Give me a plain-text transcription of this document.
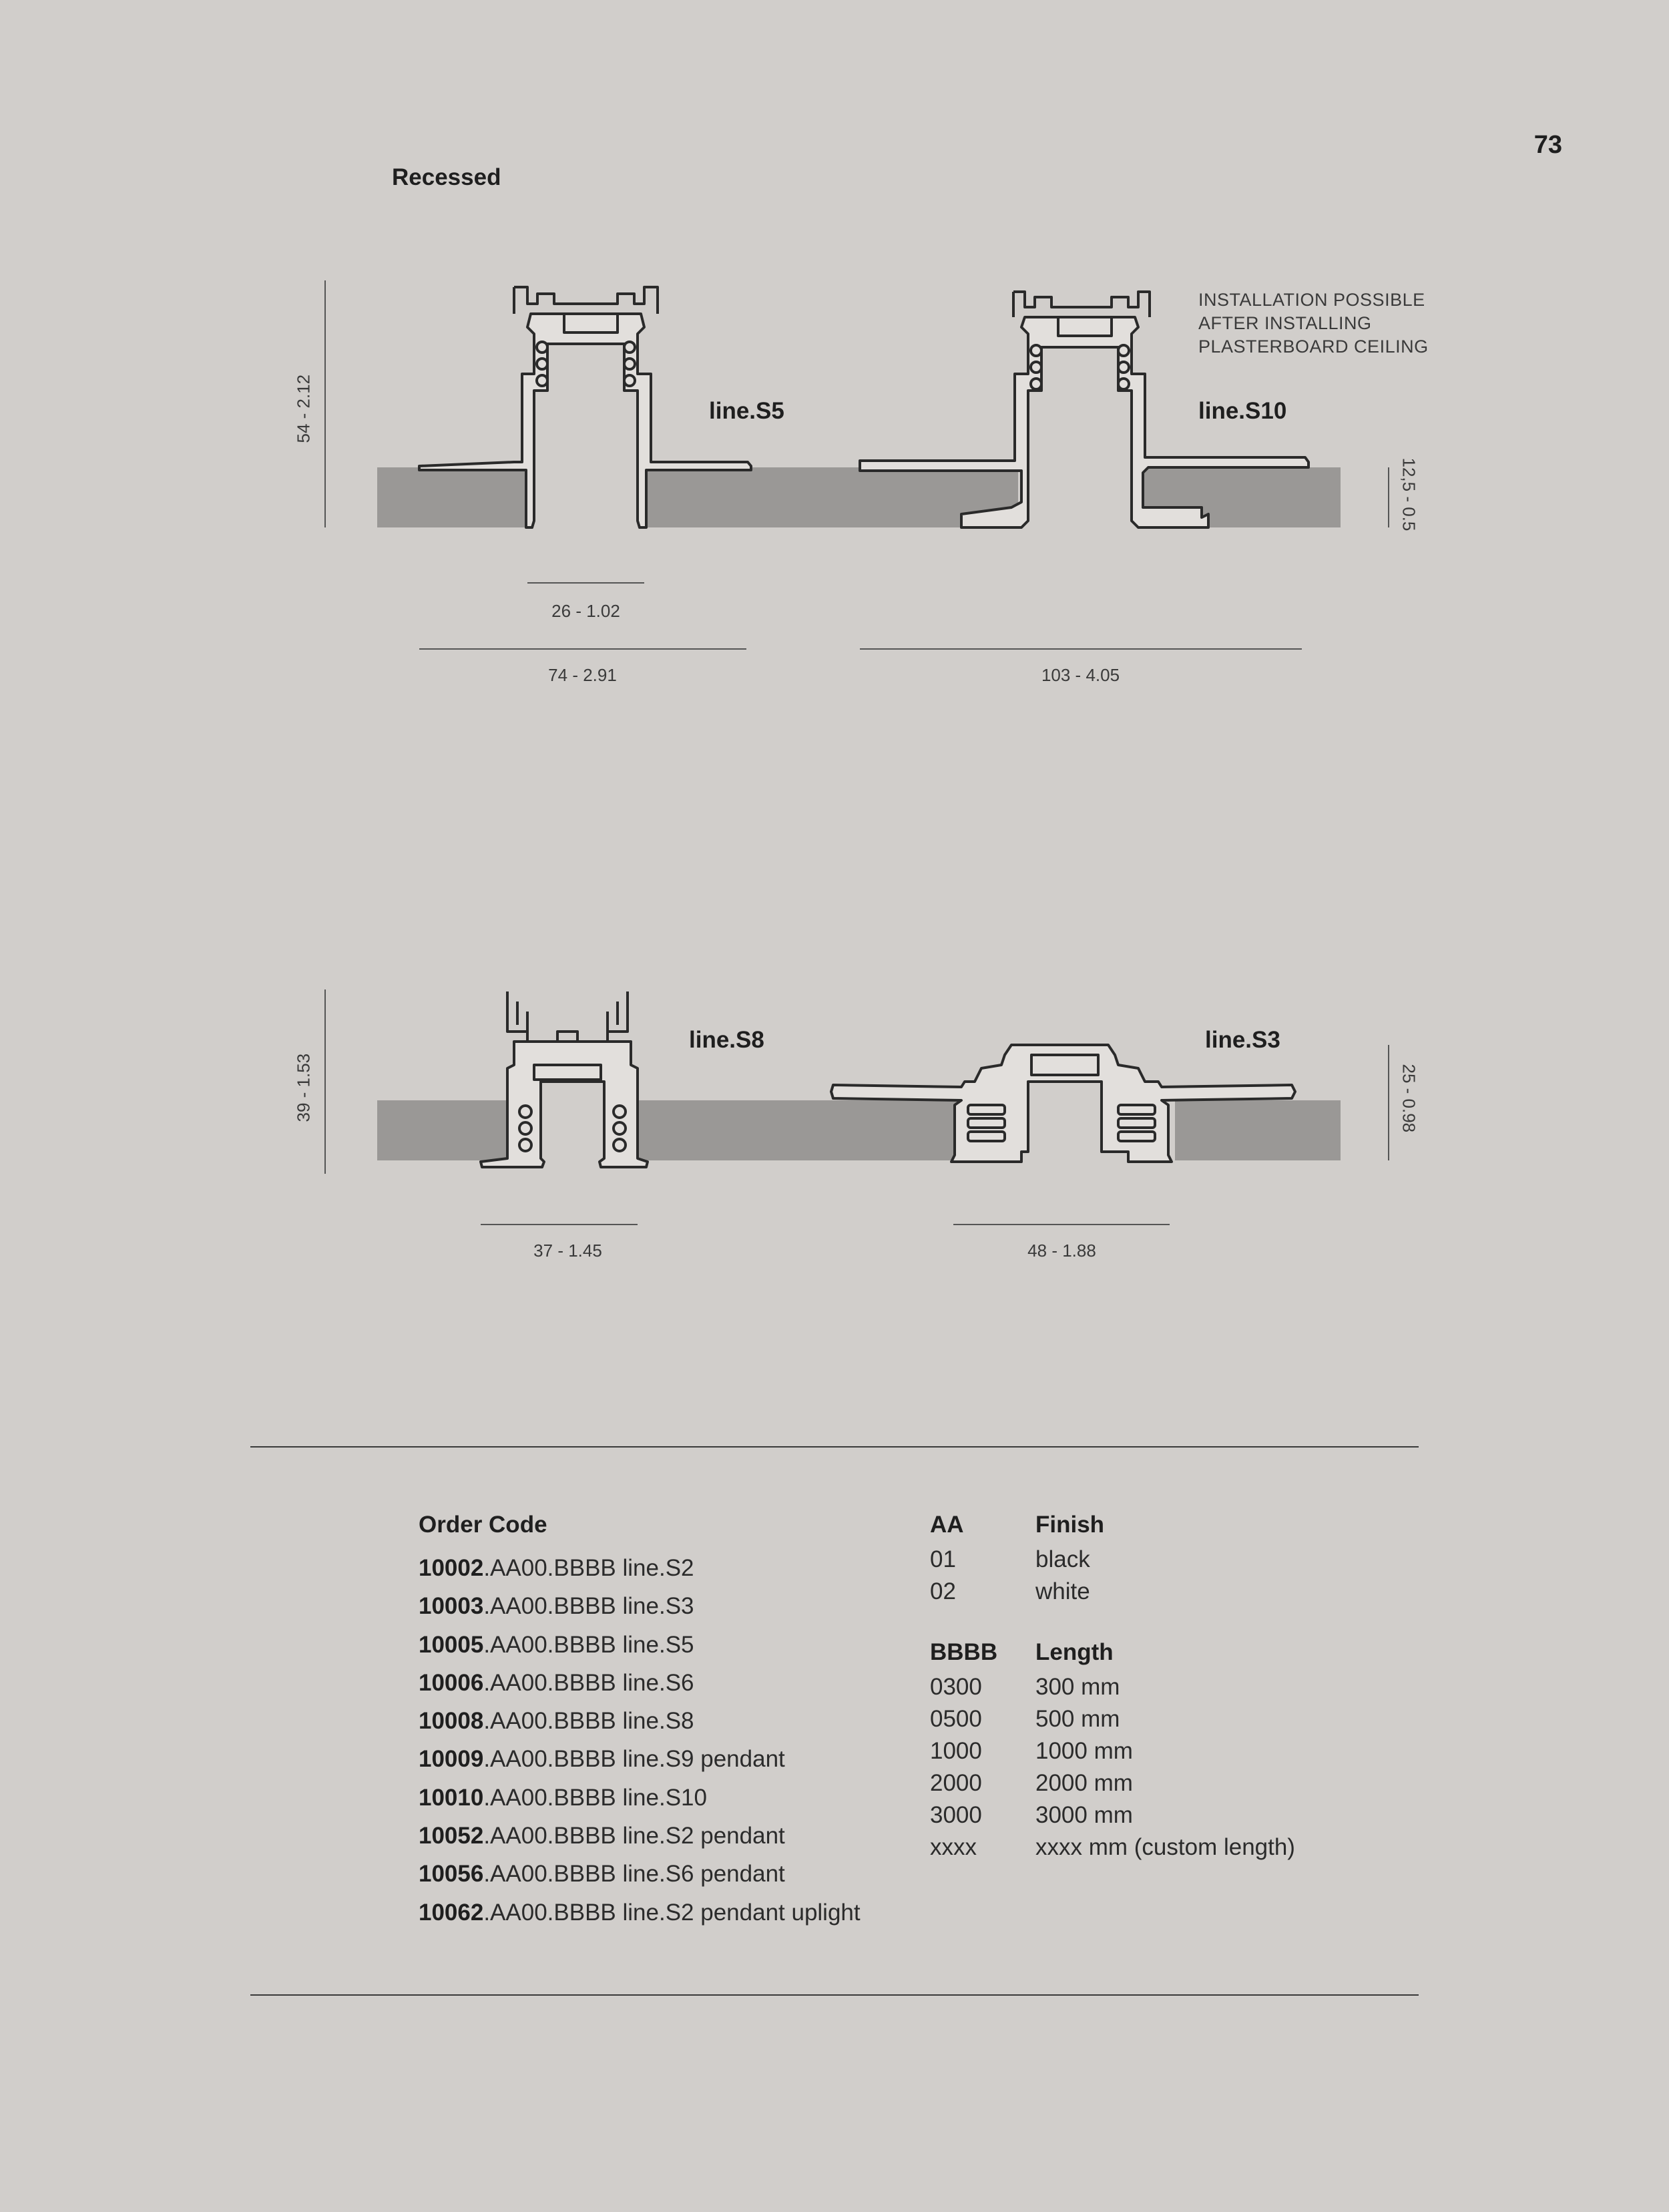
73
Recessed
line.S5	line.S10
line.S8	line.S3
INSTALLATION POSSIBLE
AFTER INSTALLING
PLASTERBOARD CEILING
54 - 2.12
12,5 - 0.5
26 - 1.02
74 - 2.91	103 - 4.05
39 - 1.53	25 - 0.98
37 - 1.45	48 - 1.88
Order Code
10002.AA00.BBBB line.S2
10003.AA00.BBBB line.S3
10005.AA00.BBBB line.S5
10006.AA00.BBBB line.S6
10008.AA00.BBBB line.S8
10009.AA00.BBBB line.S9 pendant
10010.AA00.BBBB line.S10
10052.AA00.BBBB line.S2 pendant
10056.AA00.BBBB line.S6 pendant
10062.AA00.BBBB line.S2 pendant uplight
AA	Finish
01	black
02	white
BBBB Length
0300 300 mm
0500 500 mm
1000 1000 mm
2000 2000 mm
3000 3000 mm
xxxx	xxxx mm (custom length)
